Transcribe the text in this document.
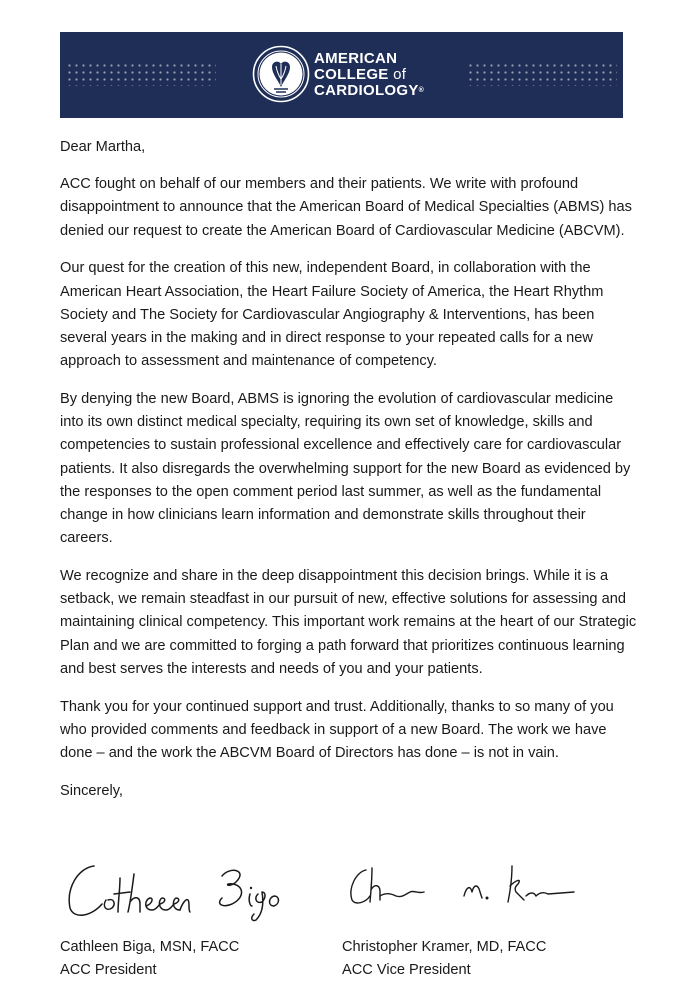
AMERICAN
COLLEGE of
CARDIOLOGY®

Dear Martha,

ACC fought on behalf of our members and their patients. We write with profound disappointment to announce that the American Board of Medical Specialties (ABMS) has denied our request to create the American Board of Cardiovascular Medicine (ABCVM).

Our quest for the creation of this new, independent Board, in collaboration with the American Heart Association, the Heart Failure Society of America, the Heart Rhythm Society and The Society for Cardiovascular Angiography & Interventions, has been several years in the making and in direct response to your repeated calls for a new approach to assessment and maintenance of competency.

By denying the new Board, ABMS is ignoring the evolution of cardiovascular medicine into its own distinct medical specialty, requiring its own set of knowledge, skills and competencies to sustain professional excellence and effectively care for cardiovascular patients. It also disregards the overwhelming support for the new Board as evidenced by the responses to the open comment period last summer, as well as the fundamental change in how clinicians learn information and demonstrate skills throughout their careers.

We recognize and share in the deep disappointment this decision brings. While it is a setback, we remain steadfast in our pursuit of new, effective solutions for assessing and maintaining clinical competency. This important work remains at the heart of our Strategic Plan and we are committed to forging a path forward that prioritizes continuous learning and best serves the interests and needs of you and your patients.

Thank you for your continued support and trust. Additionally, thanks to so many of you who provided comments and feedback in support of a new Board. The work we have done – and the work the ABCVM Board of Directors has done – is not in vain.

Sincerely,

Cathleen Biga, MSN, FACC
ACC President
Christopher Kramer, MD, FACC
ACC Vice President
